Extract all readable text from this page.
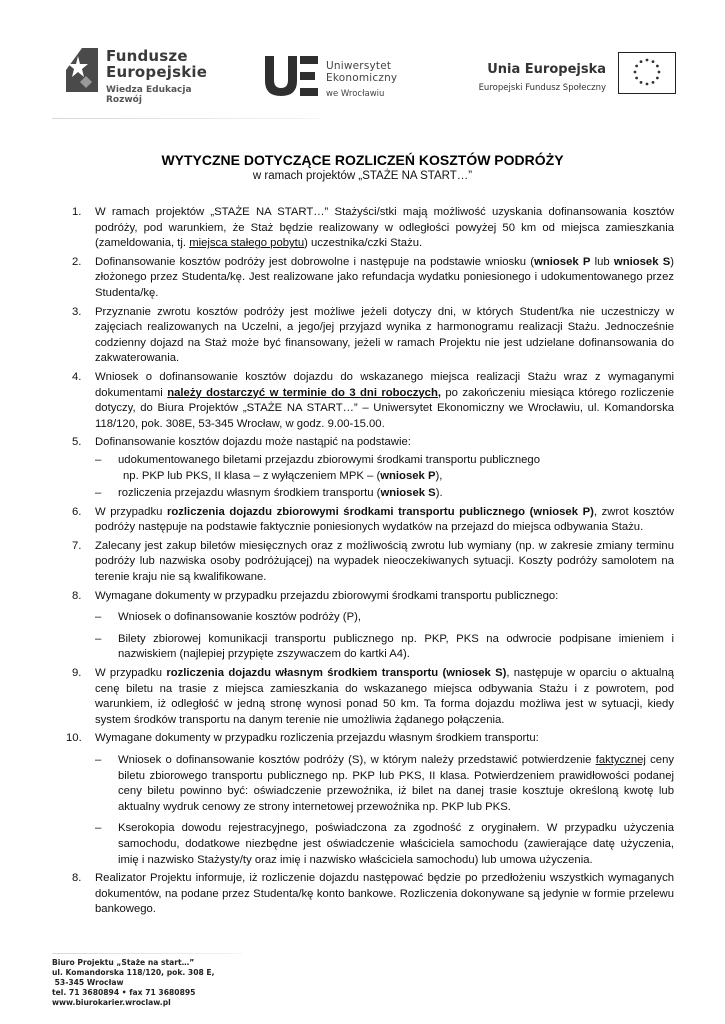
Fundusze
Europejskie
Wiedza Edukacja Rozwój
Uniwersytet Ekonomiczny
we Wrocławiu
Unia Europejska
Europejski Fundusz Społeczny
WYTYCZNE DOTYCZĄCE ROZLICZEŃ KOSZTÓW PODRÓŻY
w ramach projektów „STAŻE NA START…”
1. W ramach projektów „STAŻE NA START…” Stażyści/stki mają możliwość uzyskania dofinansowania kosztów podróży, pod warunkiem, że Staż będzie realizowany w odległości powyżej 50 km od miejsca zamieszkania (zameldowania, tj. miejsca stałego pobytu) uczestnika/czki Stażu.

2. Dofinansowanie kosztów podróży jest dobrowolne i następuje na podstawie wniosku (wniosek P lub wniosek S) złożonego przez Studenta/kę. Jest realizowane jako refundacja wydatku poniesionego i udokumentowanego przez Studenta/kę.

3. Przyznanie zwrotu kosztów podróży jest możliwe jeżeli dotyczy dni, w których Student/ka nie uczestniczy w zajęciach realizowanych na Uczelni, a jego/jej przyjazd wynika z harmonogramu realizacji Stażu. Jednocześnie codzienny dojazd na Staż może być finansowany, jeżeli w ramach Projektu nie jest udzielane dofinansowania do zakwaterowania.

4. Wniosek o dofinansowanie kosztów dojazdu do wskazanego miejsca realizacji Stażu wraz z wymaganymi dokumentami należy dostarczyć w terminie do 3 dni roboczych, po zakończeniu miesiąca którego rozliczenie dotyczy, do Biura Projektów „STAŻE NA START…” – Uniwersytet Ekonomiczny we Wrocławiu, ul. Komandorska 118/120, pok. 308E, 53-345 Wrocław, w godz. 9.00-15.00.

5. Dofinansowanie kosztów dojazdu może nastąpić na podstawie:

– udokumentowanego biletami przejazdu zbiorowymi środkami transportu publicznego
np. PKP lub PKS, II klasa – z wyłączeniem MPK – (wniosek P),
– rozliczenia przejazdu własnym środkiem transportu (wniosek S).
6. W przypadku rozliczenia dojazdu zbiorowymi środkami transportu publicznego (wniosek P), zwrot kosztów podróży następuje na podstawie faktycznie poniesionych wydatków na przejazd do miejsca odbywania Stażu.

7. Zalecany jest zakup biletów miesięcznych oraz z możliwością zwrotu lub wymiany (np. w zakresie zmiany terminu podróży lub nazwiska osoby podróżującej) na wypadek nieoczekiwanych sytuacji. Koszty podróży samolotem na terenie kraju nie są kwalifikowane.

8. Wymagane dokumenty w przypadku przejazdu zbiorowymi środkami transportu publicznego:

– Wniosek o dofinansowanie kosztów podróży (P),
– Bilety zbiorowej komunikacji transportu publicznego np. PKP, PKS na odwrocie podpisane imieniem i nazwiskiem (najlepiej przypięte zszywaczem do kartki A4).
9. W przypadku rozliczenia dojazdu własnym środkiem transportu (wniosek S), następuje w oparciu o aktualną cenę biletu na trasie z miejsca zamieszkania do wskazanego miejsca odbywania Stażu i z powrotem, pod warunkiem, iż odległość w jedną stronę wynosi ponad 50 km. Ta forma dojazdu możliwa jest w sytuacji, kiedy system środków transportu na danym terenie nie umożliwia żądanego połączenia.

10. Wymagane dokumenty w przypadku rozliczenia przejazdu własnym środkiem transportu:

– Wniosek o dofinansowanie kosztów podróży (S), w którym należy przedstawić potwierdzenie faktycznej ceny biletu zbiorowego transportu publicznego np. PKP lub PKS, II klasa. Potwierdzeniem prawidłowości podanej ceny biletu powinno być: oświadczenie przewoźnika, iż bilet na danej trasie kosztuje określoną kwotę lub aktualny wydruk cenowy ze strony internetowej przewoźnika np. PKP lub PKS.
– Kserokopia dowodu rejestracyjnego, poświadczona za zgodność z oryginałem. W przypadku użyczenia samochodu, dodatkowe niezbędne jest oświadczenie właściciela samochodu (zawierające datę użyczenia, imię i nazwisko Stażysty/ty oraz imię i nazwisko właściciela samochodu) lub umowa użyczenia.
8. Realizator Projektu informuje, iż rozliczenie dojazdu następować będzie po przedłożeniu wszystkich wymaganych dokumentów, na podane przez Studenta/kę konto bankowe. Rozliczenia dokonywane są jedynie w formie przelewu bankowego.

Biuro Projektu „Staże na start…”
ul. Komandorska 118/120, pok. 308 E,
53-345 Wrocław
tel. 71 3680894 • fax 71 3680895
www.biurokarier.wroclaw.pl
